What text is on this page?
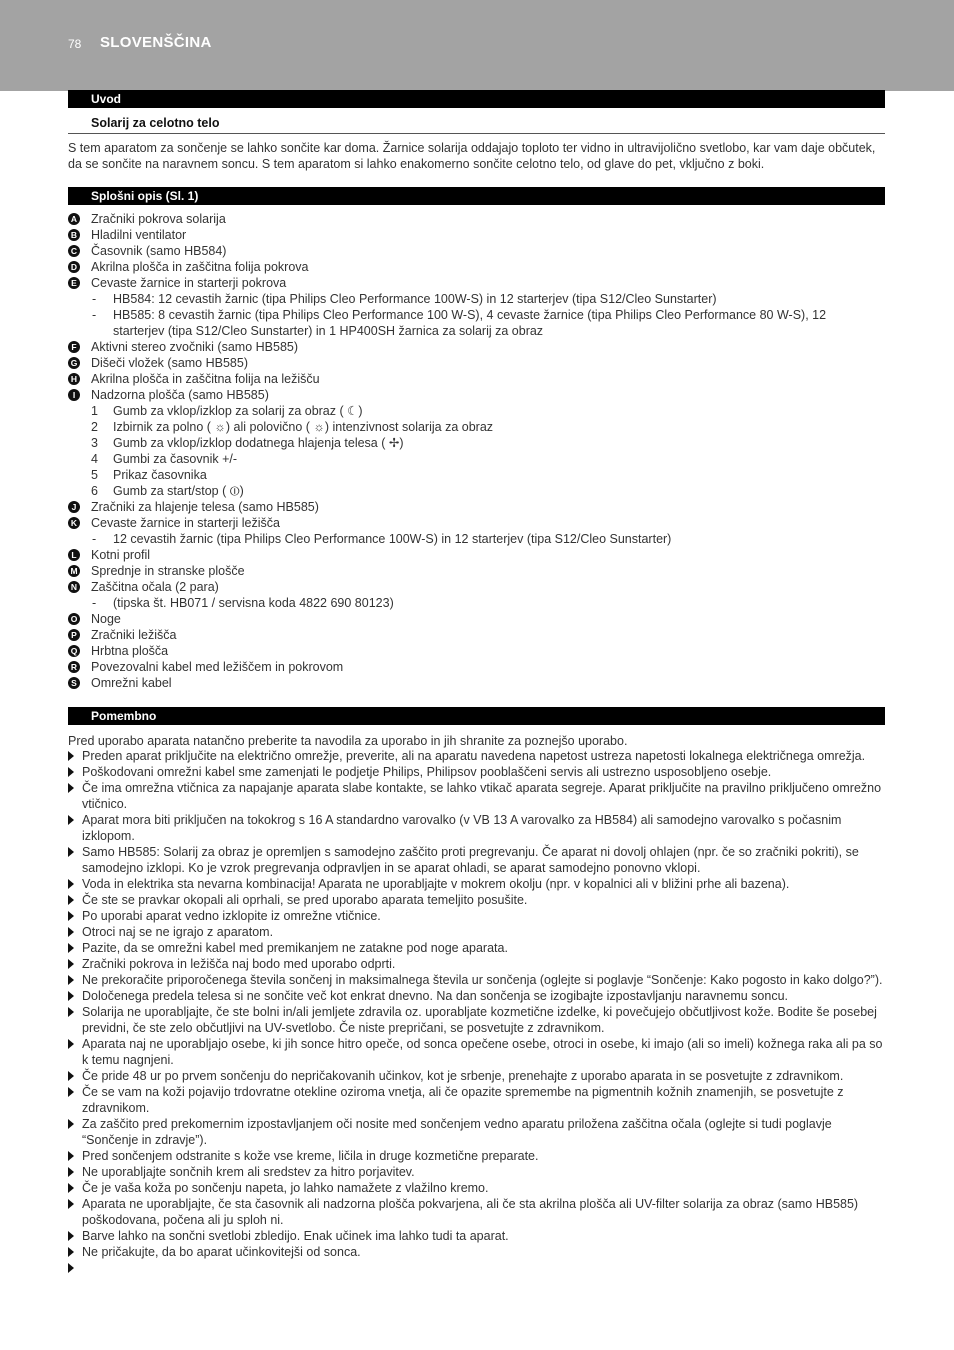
78 SLOVENŠČINA
Uvod
Solarij za celotno telo

S tem aparatom za sončenje se lahko sončite kar doma. Žarnice solarija oddajajo toploto ter vidno in ultravijolično svetlobo, kar vam daje občutek, da se sončite na naravnem soncu. S tem aparatom si lahko enakomerno sončite celotno telo, od glave do pet, vključno z boki.

Splošni opis (Sl. 1)
A Zračniki pokrova solarija
B Hladilni ventilator
C Časovnik (samo HB584)
D Akrilna plošča in zaščitna folija pokrova
E Cevaste žarnice in starterji pokrova
- HB584: 12 cevastih žarnic (tipa Philips Cleo Performance 100W-S) in 12 starterjev (tipa S12/Cleo Sunstarter)
- HB585: 8 cevastih žarnic (tipa Philips Cleo Performance 100 W-S), 4 cevaste žarnice (tipa Philips Cleo Performance 80 W-S), 12
starterjev (tipa S12/Cleo Sunstarter) in 1 HP400SH žarnica za solarij za obraz
F Aktivni stereo zvočniki (samo HB585)
G Dišeči vložek (samo HB585)
H Akrilna plošča in zaščitna folija na ležišču
I	Nadzorna plošča (samo HB585)
1 Gumb za vklop/izklop za solarij za obraz ( ☾)
2 Izbirnik za polno ( ☼) ali polovično ( ☼) intenzivnost solarija za obraz
3 Gumb za vklop/izklop dodatnega hlajenja telesa ( ✢)
4 Gumbi za časovnik +/-
5 Prikaz časovnika
6 Gumb za start/stop ( ⏼)
J Zračniki za hlajenje telesa (samo HB585)
K Cevaste žarnice in starterji ležišča
- 12 cevastih žarnic (tipa Philips Cleo Performance 100W-S) in 12 starterjev (tipa S12/Cleo Sunstarter)
L Kotni profil
M Sprednje in stranske plošče
N Zaščitna očala (2 para)
- (tipska št. HB071 / servisna koda 4822 690 80123)
O Noge
P Zračniki ležišča
Q Hrbtna plošča
R Povezovalni kabel med ležiščem in pokrovom
S Omrežni kabel
Pomembno

Pred uporabo aparata natančno preberite ta navodila za uporabo in jih shranite za poznejšo uporabo.

Preden aparat priključite na električno omrežje, preverite, ali na aparatu navedena napetost ustreza napetosti lokalnega električnega omrežja.
Poškodovani omrežni kabel sme zamenjati le podjetje Philips, Philipsov pooblaščeni servis ali ustrezno usposobljeno osebje.
Če ima omrežna vtičnica za napajanje aparata slabe kontakte, se lahko vtikač aparata segreje. Aparat priključite na pravilno priključeno omrežno vtičnico.
Aparat mora biti priključen na tokokrog s 16 A standardno varovalko (v VB 13 A varovalko za HB584) ali samodejno varovalko s počasnim izklopom.
Samo HB585: Solarij za obraz je opremljen s samodejno zaščito proti pregrevanju. Če aparat ni dovolj ohlajen (npr. če so zračniki pokriti), se samodejno izklopi. Ko je vzrok pregrevanja odpravljen in se aparat ohladi, se aparat samodejno ponovno vklopi.
Voda in elektrika sta nevarna kombinacija! Aparata ne uporabljajte v mokrem okolju (npr. v kopalnici ali v bližini prhe ali bazena).
Če ste se pravkar okopali ali oprhali, se pred uporabo aparata temeljito posušite.
Po uporabi aparat vedno izklopite iz omrežne vtičnice.
Otroci naj se ne igrajo z aparatom.
Pazite, da se omrežni kabel med premikanjem ne zatakne pod noge aparata.
Zračniki pokrova in ležišča naj bodo med uporabo odprti.
Ne prekoračite priporočenega števila sončenj in maksimalnega števila ur sončenja (oglejte si poglavje “Sončenje: Kako pogosto in kako dolgo?”).
Določenega predela telesa si ne sončite več kot enkrat dnevno. Na dan sončenja se izogibajte izpostavljanju naravnemu soncu.
Solarija ne uporabljajte, če ste bolni in/ali jemljete zdravila oz. uporabljate kozmetične izdelke, ki povečujejo občutljivost kože. Bodite še posebej previdni, če ste zelo občutljivi na UV-svetlobo. Če niste prepričani, se posvetujte z zdravnikom.
Aparata naj ne uporabljajo osebe, ki jih sonce hitro opeče, od sonca opečene osebe, otroci in osebe, ki imajo (ali so imeli) kožnega raka ali pa so k temu nagnjeni.
Če pride 48 ur po prvem sončenju do nepričakovanih učinkov, kot je srbenje, prenehajte z uporabo aparata in se posvetujte z zdravnikom.
Če se vam na koži pojavijo trdovratne otekline oziroma vnetja, ali če opazite spremembe na pigmentnih kožnih znamenjih, se posvetujte z zdravnikom.
Za zaščito pred prekomernim izpostavljanjem oči nosite med sončenjem vedno aparatu priložena zaščitna očala (oglejte si tudi poglavje “Sončenje in zdravje”).
Pred sončenjem odstranite s kože vse kreme, ličila in druge kozmetične preparate.
Ne uporabljajte sončnih krem ali sredstev za hitro porjavitev.
Če je vaša koža po sončenju napeta, jo lahko namažete z vlažilno kremo.
Aparata ne uporabljajte, če sta časovnik ali nadzorna plošča pokvarjena, ali če sta akrilna plošča ali UV-filter solarija za obraz (samo HB585) poškodovana, počena ali ju sploh ni.
Barve lahko na sončni svetlobi zbledijo. Enak učinek ima lahko tudi ta aparat.
Ne pričakujte, da bo aparat učinkovitejši od sonca.
